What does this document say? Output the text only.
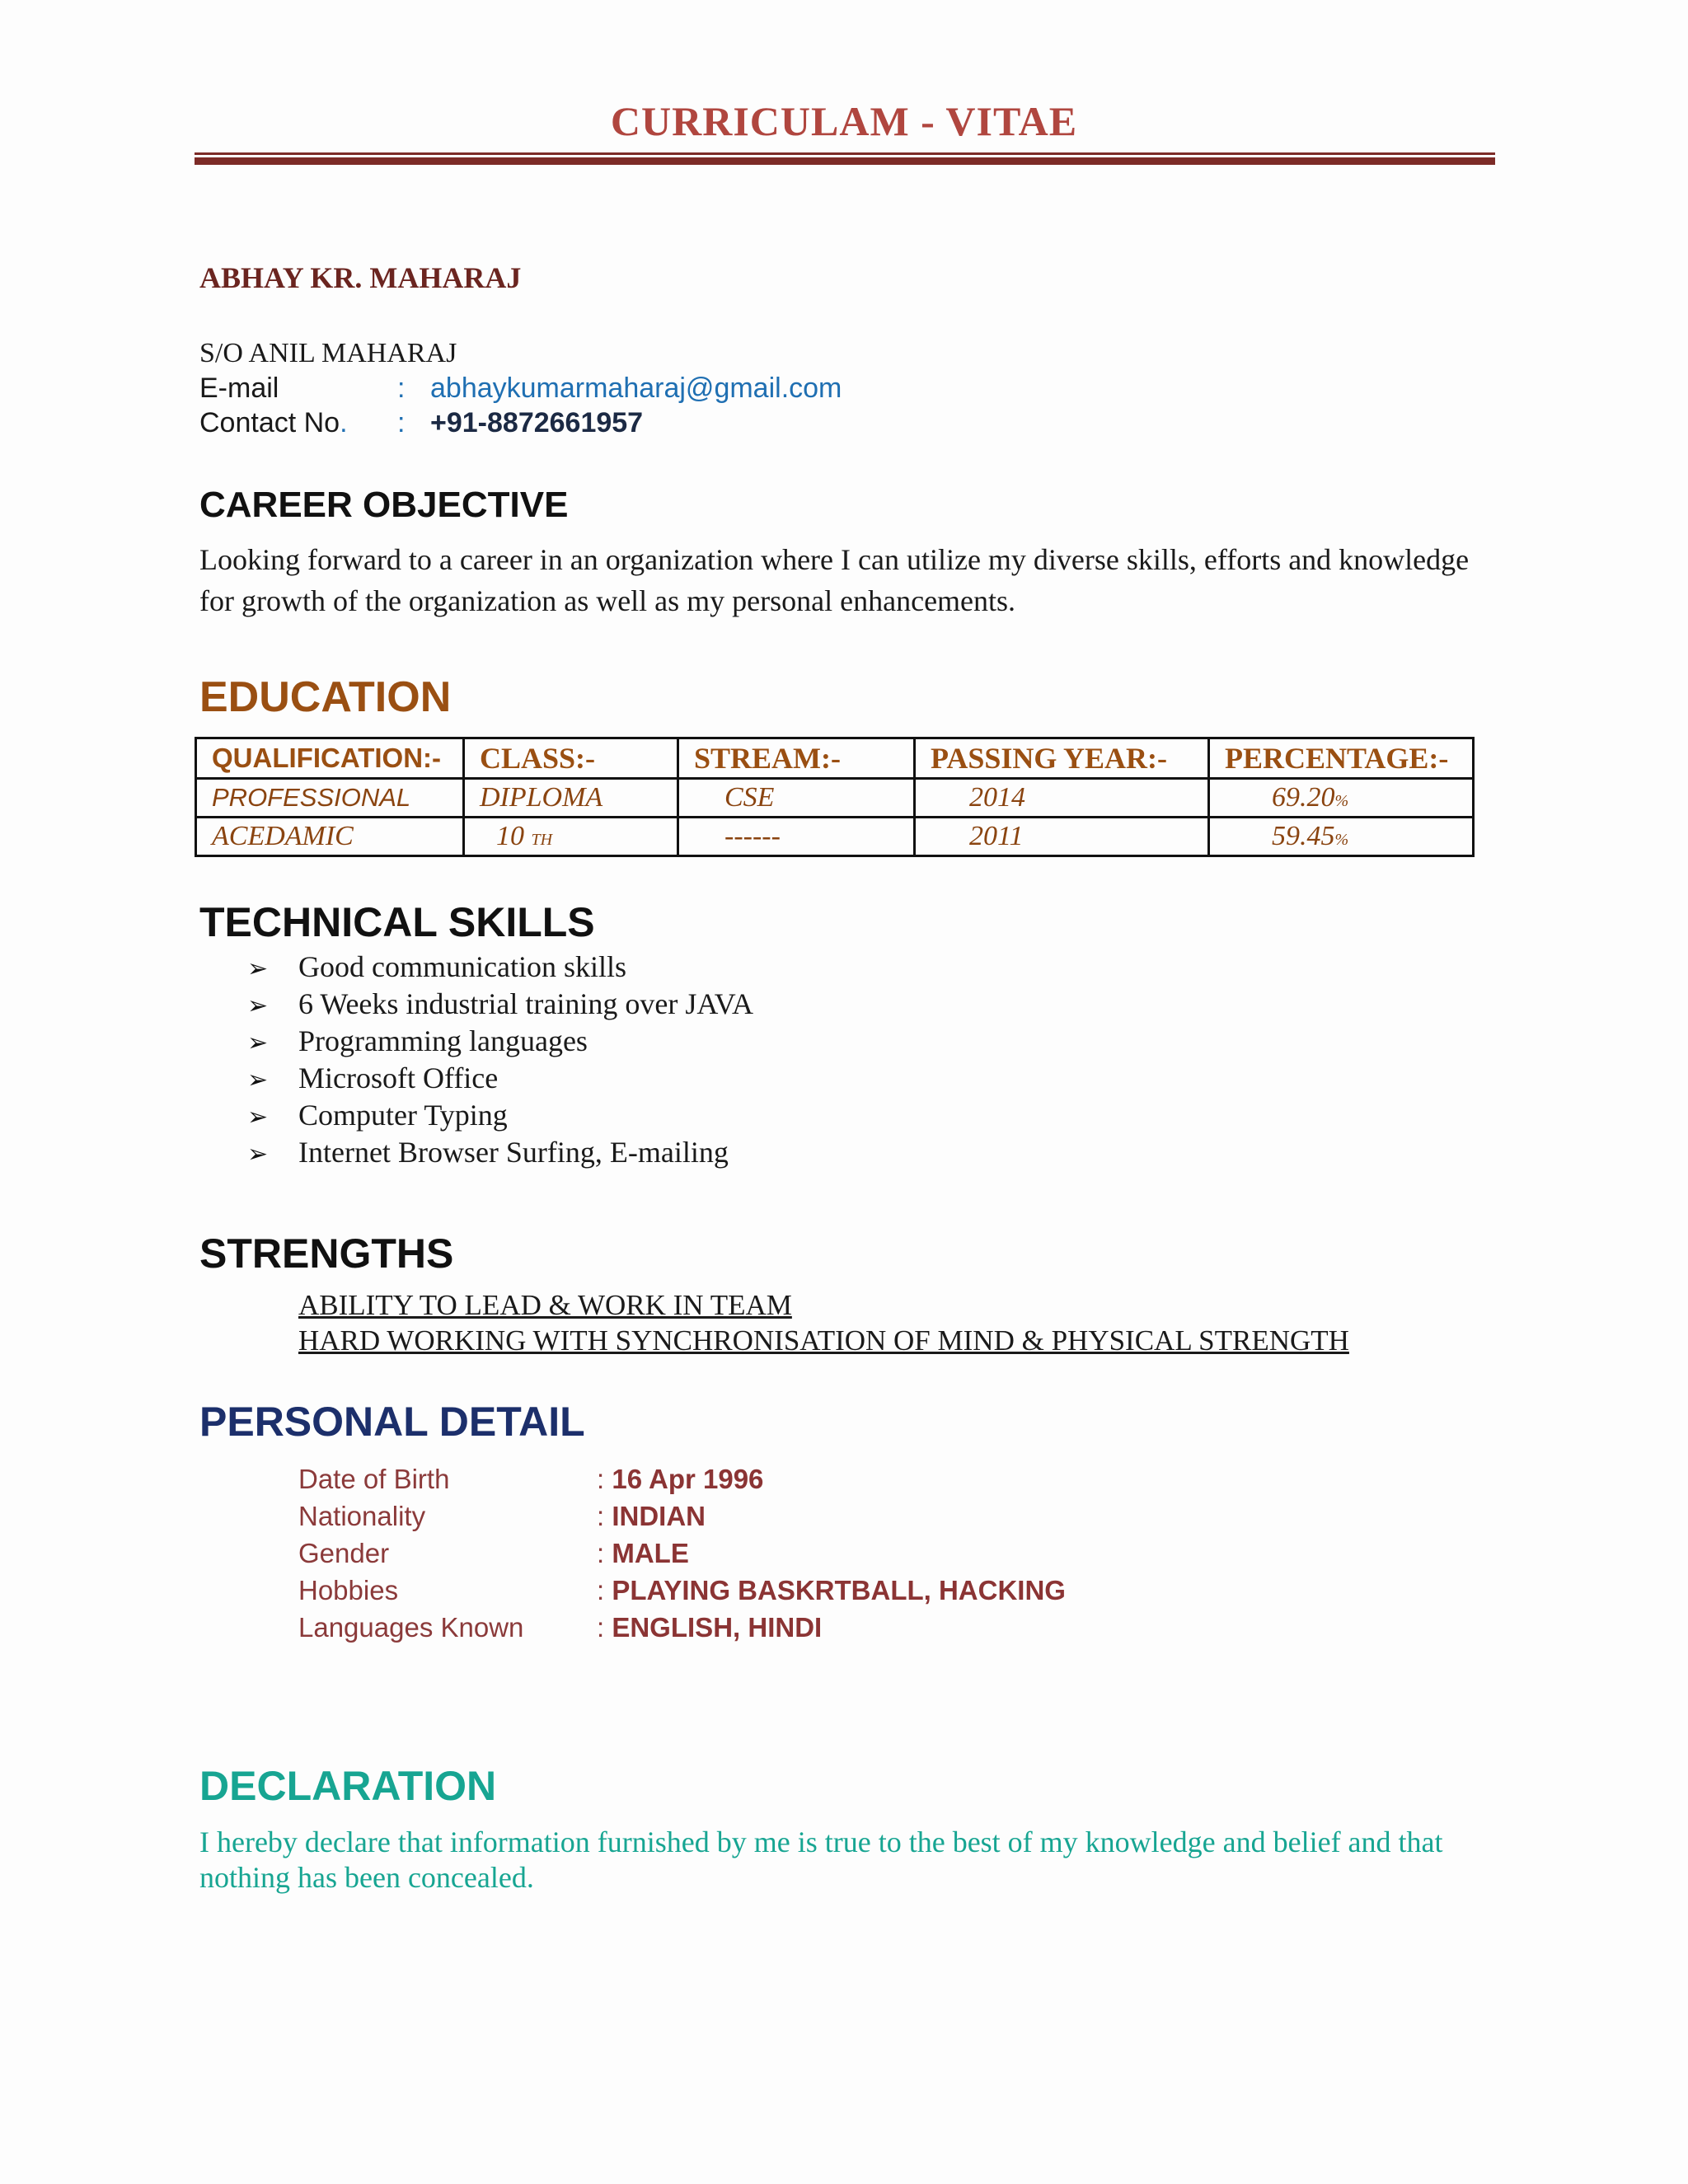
CURRICULAM - VITAE
ABHAY KR. MAHARAJ
S/O ANIL MAHARAJ
E-mail	: abhaykumarmaharaj@gmail.com
Contact No. : +91-8872661957
CAREER OBJECTIVE
Looking forward to a career in an organization where I can utilize my diverse skills, efforts and knowledge for growth of the organization as well as my personal enhancements.
EDUCATION
QUALIFICATION:-	CLASS:-	STREAM:-	PASSING YEAR:-	PERCENTAGE:-
PROFESSIONAL	DIPLOMA	CSE	2014	69.20%
ACEDAMIC	10 TH	------	2011	59.45%
TECHNICAL SKILLS
➢ Good communication skills
➢ 6 Weeks industrial training over JAVA
➢ Programming languages
➢ Microsoft Office
➢ Computer Typing
➢ Internet Browser Surfing, E-mailing
STRENGTHS
ABILITY TO LEAD & WORK IN TEAM
HARD WORKING WITH SYNCHRONISATION OF MIND & PHYSICAL STRENGTH
PERSONAL DETAIL
Date of Birth	: 16 Apr 1996
Nationality	: INDIAN
Gender	: MALE
Hobbies	: PLAYING BASKRTBALL, HACKING
Languages Known	: ENGLISH, HINDI
DECLARATION
I hereby declare that information furnished by me is true to the best of my knowledge and belief and that nothing has been concealed.
